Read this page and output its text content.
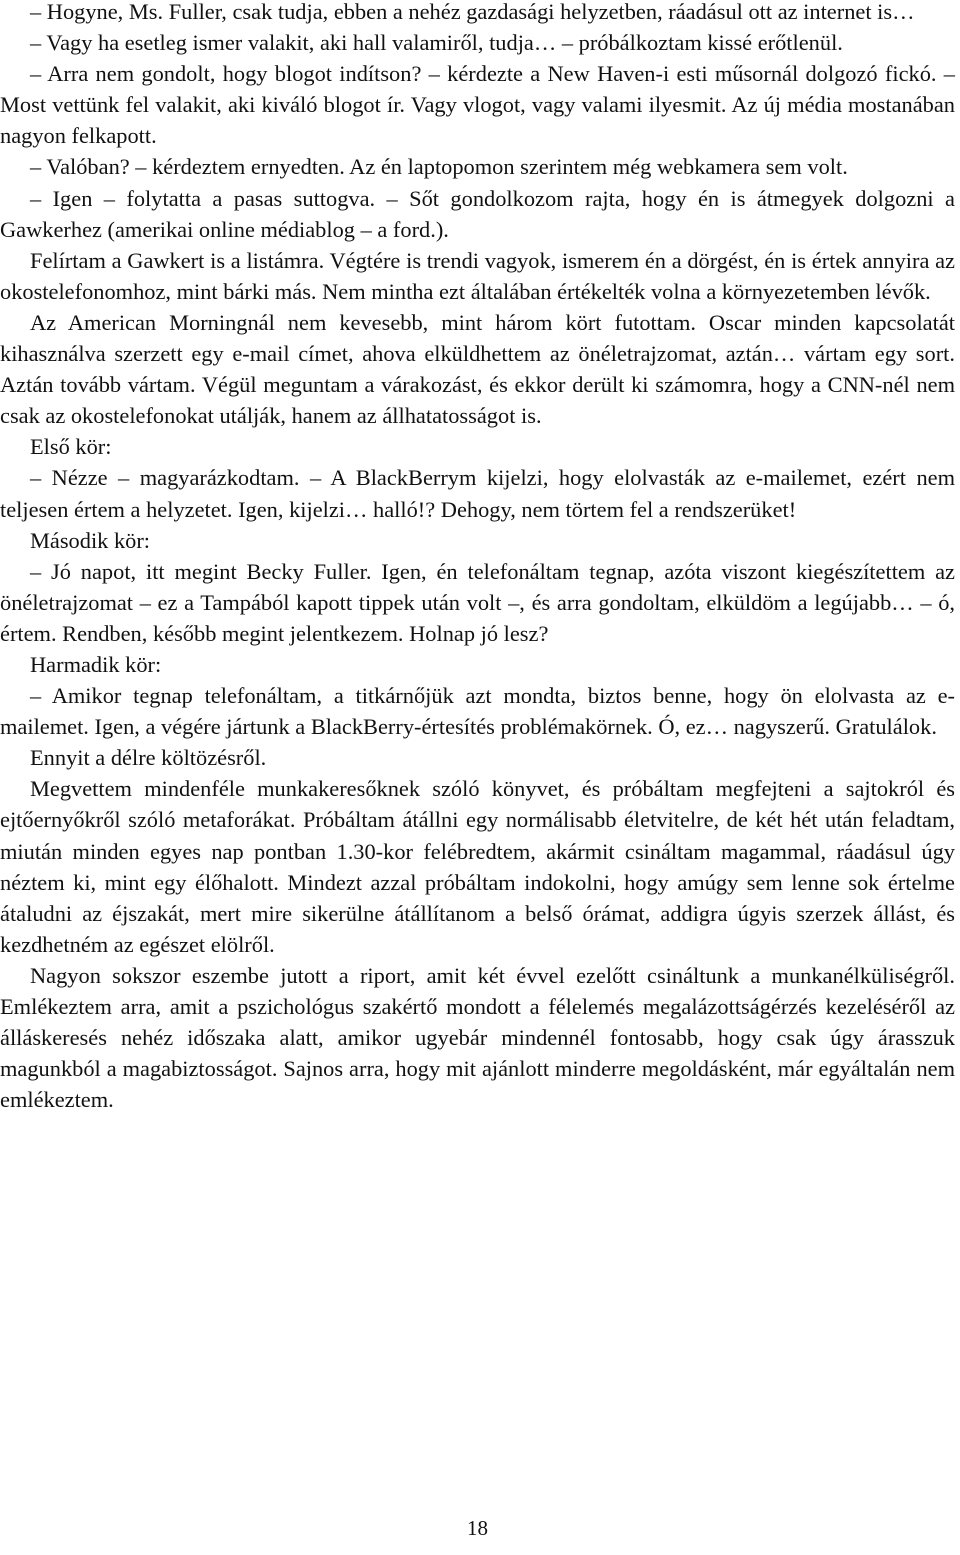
– Hogyne, Ms. Fuller, csak tudja, ebben a nehéz gazdasági helyzetben, ráadásul ott az internet is…

– Vagy ha esetleg ismer valakit, aki hall valamiről, tudja… – próbálkoztam kissé erőtlenül.

– Arra nem gondolt, hogy blogot indítson? – kérdezte a New Haven-i esti műsornál dolgozó fickó. – Most vettünk fel valakit, aki kiváló blogot ír. Vagy vlogot, vagy valami ilyesmit. Az új média mostanában nagyon felkapott.

– Valóban? – kérdeztem ernyedten. Az én laptopomon szerintem még webkamera sem volt.

– Igen – folytatta a pasas suttogva. – Sőt gondolkozom rajta, hogy én is átmegyek dolgozni a Gawkerhez (amerikai online médiablog – a ford.).

Felírtam a Gawkert is a listámra. Végtére is trendi vagyok, ismerem én a dörgést, én is értek annyira az okostelefonomhoz, mint bárki más. Nem mintha ezt általában értékelték volna a környezetemben lévők.

Az American Morningnál nem kevesebb, mint három kört futottam. Oscar minden kapcsolatát kihasználva szerzett egy e-mail címet, ahova elküldhettem az önéletrajzomat, aztán… vártam egy sort. Aztán tovább vártam. Végül meguntam a várakozást, és ekkor derült ki számomra, hogy a CNN-nél nem csak az okostelefonokat utálják, hanem az állhatatosságot is.

Első kör:

– Nézze – magyarázkodtam. – A BlackBerrym kijelzi, hogy elolvasták az e-mailemet, ezért nem teljesen értem a helyzetet. Igen, kijelzi… halló!? Dehogy, nem törtem fel a rendszerüket!

Második kör:

– Jó napot, itt megint Becky Fuller. Igen, én telefonáltam tegnap, azóta viszont kiegészítettem az önéletrajzomat – ez a Tampából kapott tippek után volt –, és arra gondoltam, elküldöm a legújabb… – ó, értem. Rendben, később megint jelentkezem. Holnap jó lesz?

Harmadik kör:

– Amikor tegnap telefonáltam, a titkárnőjük azt mondta, biztos benne, hogy ön elolvasta az e-mailemet. Igen, a végére jártunk a BlackBerry-értesítés problémakörnek. Ó, ez… nagyszerű. Gratulálok.

Ennyit a délre költözésről.

Megvettem mindenféle munkakeresőknek szóló könyvet, és próbáltam megfejteni a sajtokról és ejtőernyőkről szóló metaforákat. Próbáltam átállni egy normálisabb életvitelre, de két hét után feladtam, miután minden egyes nap pontban 1.30-kor felébredtem, akármit csináltam magammal, ráadásul úgy néztem ki, mint egy élőhalott. Mindezt azzal próbáltam indokolni, hogy amúgy sem lenne sok értelme átaludni az éjszakát, mert mire sikerülne átállítanom a belső órámat, addigra úgyis szerzek állást, és kezdhetném az egészet elölről.

Nagyon sokszor eszembe jutott a riport, amit két évvel ezelőtt csináltunk a munkanélküliségről. Emlékeztem arra, amit a pszichológus szakértő mondott a félelemés megalázottságérzés kezeléséről az álláskeresés nehéz időszaka alatt, amikor ugyebár mindennél fontosabb, hogy csak úgy árasszuk magunkból a magabiztosságot. Sajnos arra, hogy mit ajánlott minderre megoldásként, már egyáltalán nem emlékeztem.

18
